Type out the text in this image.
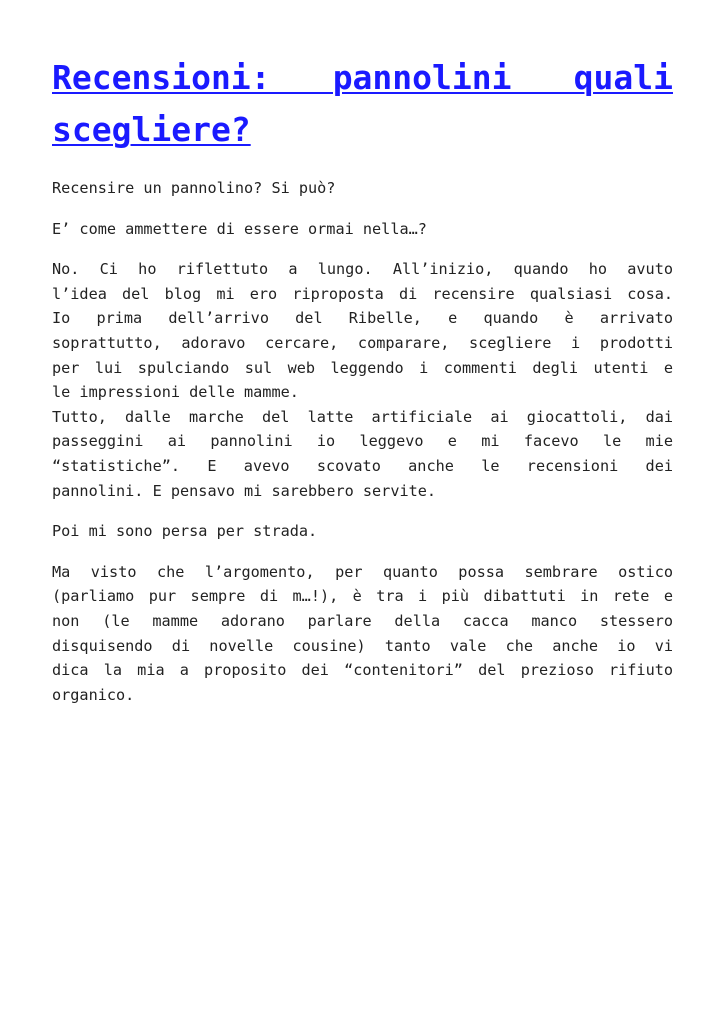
Recensioni: pannolini quali scegliere?

Recensire un pannolino? Si può?

E’ come ammettere di essere ormai nella…?

No. Ci ho riflettuto a lungo. All’inizio, quando ho avuto
l’idea del blog mi ero riproposta di recensire qualsiasi cosa.
Io prima dell’arrivo del Ribelle, e quando è arrivato
soprattutto, adoravo cercare, comparare, scegliere i prodotti
per lui spulciando sul web leggendo i commenti degli utenti e
le impressioni delle mamme.
Tutto, dalle marche del latte artificiale ai giocattoli, dai
passeggini ai pannolini io leggevo e mi facevo le mie
“statistiche”. E avevo scovato anche le recensioni dei
pannolini. E pensavo mi sarebbero servite.

Poi mi sono persa per strada.

Ma visto che l’argomento, per quanto possa sembrare ostico
(parliamo pur sempre di m…!), è tra i più dibattuti in rete e
non (le mamme adorano parlare della cacca manco stessero
disquisendo di novelle cousine) tanto vale che anche io vi
dica la mia a proposito dei “contenitori” del prezioso rifiuto
organico.
